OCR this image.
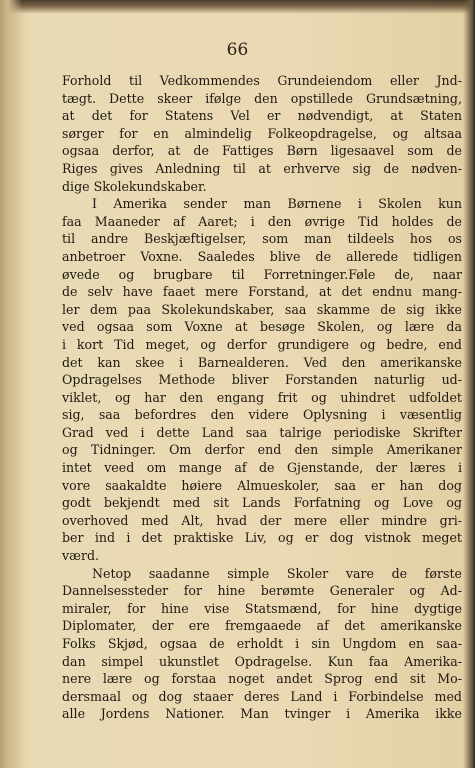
66
Forhold til Vedkommendes Grundeiendom eller Jnd-
tægt. Dette skeer ifølge den opstillede Grundsætning,
at det for Statens Vel er nødvendigt, at Staten
sørger for en almindelig Folkeopdragelse, og altsaa
ogsaa derfor, at de Fattiges Børn ligesaavel som de
Riges gives Anledning til at erhverve sig de nødven-
dige Skolekundskaber.
I Amerika sender man Børnene i Skolen kun
faa Maaneder af Aaret; i den øvrige Tid holdes de
til andre Beskjæftigelser, som man tildeels hos os
anbetroer Voxne. Saaledes blive de allerede tidligen
øvede og brugbare til Forretninger.Føle de, naar
de selv have faaet mere Forstand, at det endnu mang-
ler dem paa Skolekundskaber, saa skamme de sig ikke
ved ogsaa som Voxne at besøge Skolen, og lære da
i kort Tid meget, og derfor grundigere og bedre, end
det kan skee i Barnealderen. Ved den amerikanske
Opdragelses Methode bliver Forstanden naturlig ud-
viklet, og har den engang frit og uhindret udfoldet
sig, saa befordres den videre Oplysning i væsentlig
Grad ved i dette Land saa talrige periodiske Skrifter
og Tidninger. Om derfor end den simple Amerikaner
intet veed om mange af de Gjenstande, der læres i
vore saakaldte høiere Almueskoler, saa er han dog
godt bekjendt med sit Lands Forfatning og Love og
overhoved med Alt, hvad der mere eller mindre gri-
ber ind i det praktiske Liv, og er dog vistnok meget
værd.
Netop saadanne simple Skoler vare de første
Dannelsessteder for hine berømte Generaler og Ad-
miraler, for hine vise Statsmænd, for hine dygtige
Diplomater, der ere fremgaaede af det amerikanske
Folks Skjød, ogsaa de erholdt i sin Ungdom en saa-
dan simpel ukunstlet Opdragelse. Kun faa Amerika-
nere lære og forstaa noget andet Sprog end sit Mo-
dersmaal og dog staaer deres Land i Forbindelse med
alle Jordens Nationer. Man tvinger i Amerika ikke
